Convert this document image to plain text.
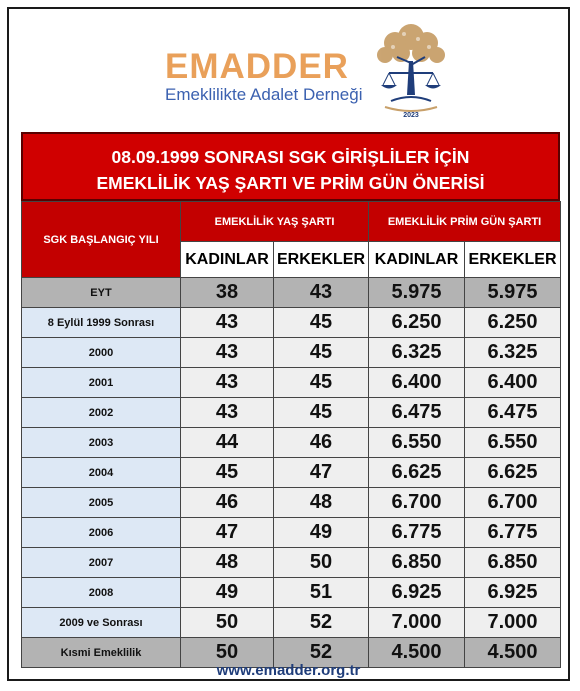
EMADDER
Emeklilikte Adalet Derneği
2023
08.09.1999 SONRASI SGK GİRİŞLİLER İÇİN
EMEKLİLİK YAŞ ŞARTI VE PRİM GÜN ÖNERİSİ
SGK BAŞLANGIÇ YILI	EMEKLİLİK YAŞ ŞARTI		EMEKLİLİK PRİM GÜN ŞARTI	
	KADINLAR	ERKEKLER	KADINLAR	ERKEKLER
EYT	38	43	5.975	5.975
8 Eylül 1999 Sonrası	43	45	6.250	6.250
2000	43	45	6.325	6.325
2001	43	45	6.400	6.400
2002	43	45	6.475	6.475
2003	44	46	6.550	6.550
2004	45	47	6.625	6.625
2005	46	48	6.700	6.700
2006	47	49	6.775	6.775
2007	48	50	6.850	6.850
2008	49	51	6.925	6.925
2009 ve Sonrası	50	52	7.000	7.000
Kısmi Emeklilik	50	52	4.500	4.500
www.emadder.org.tr
